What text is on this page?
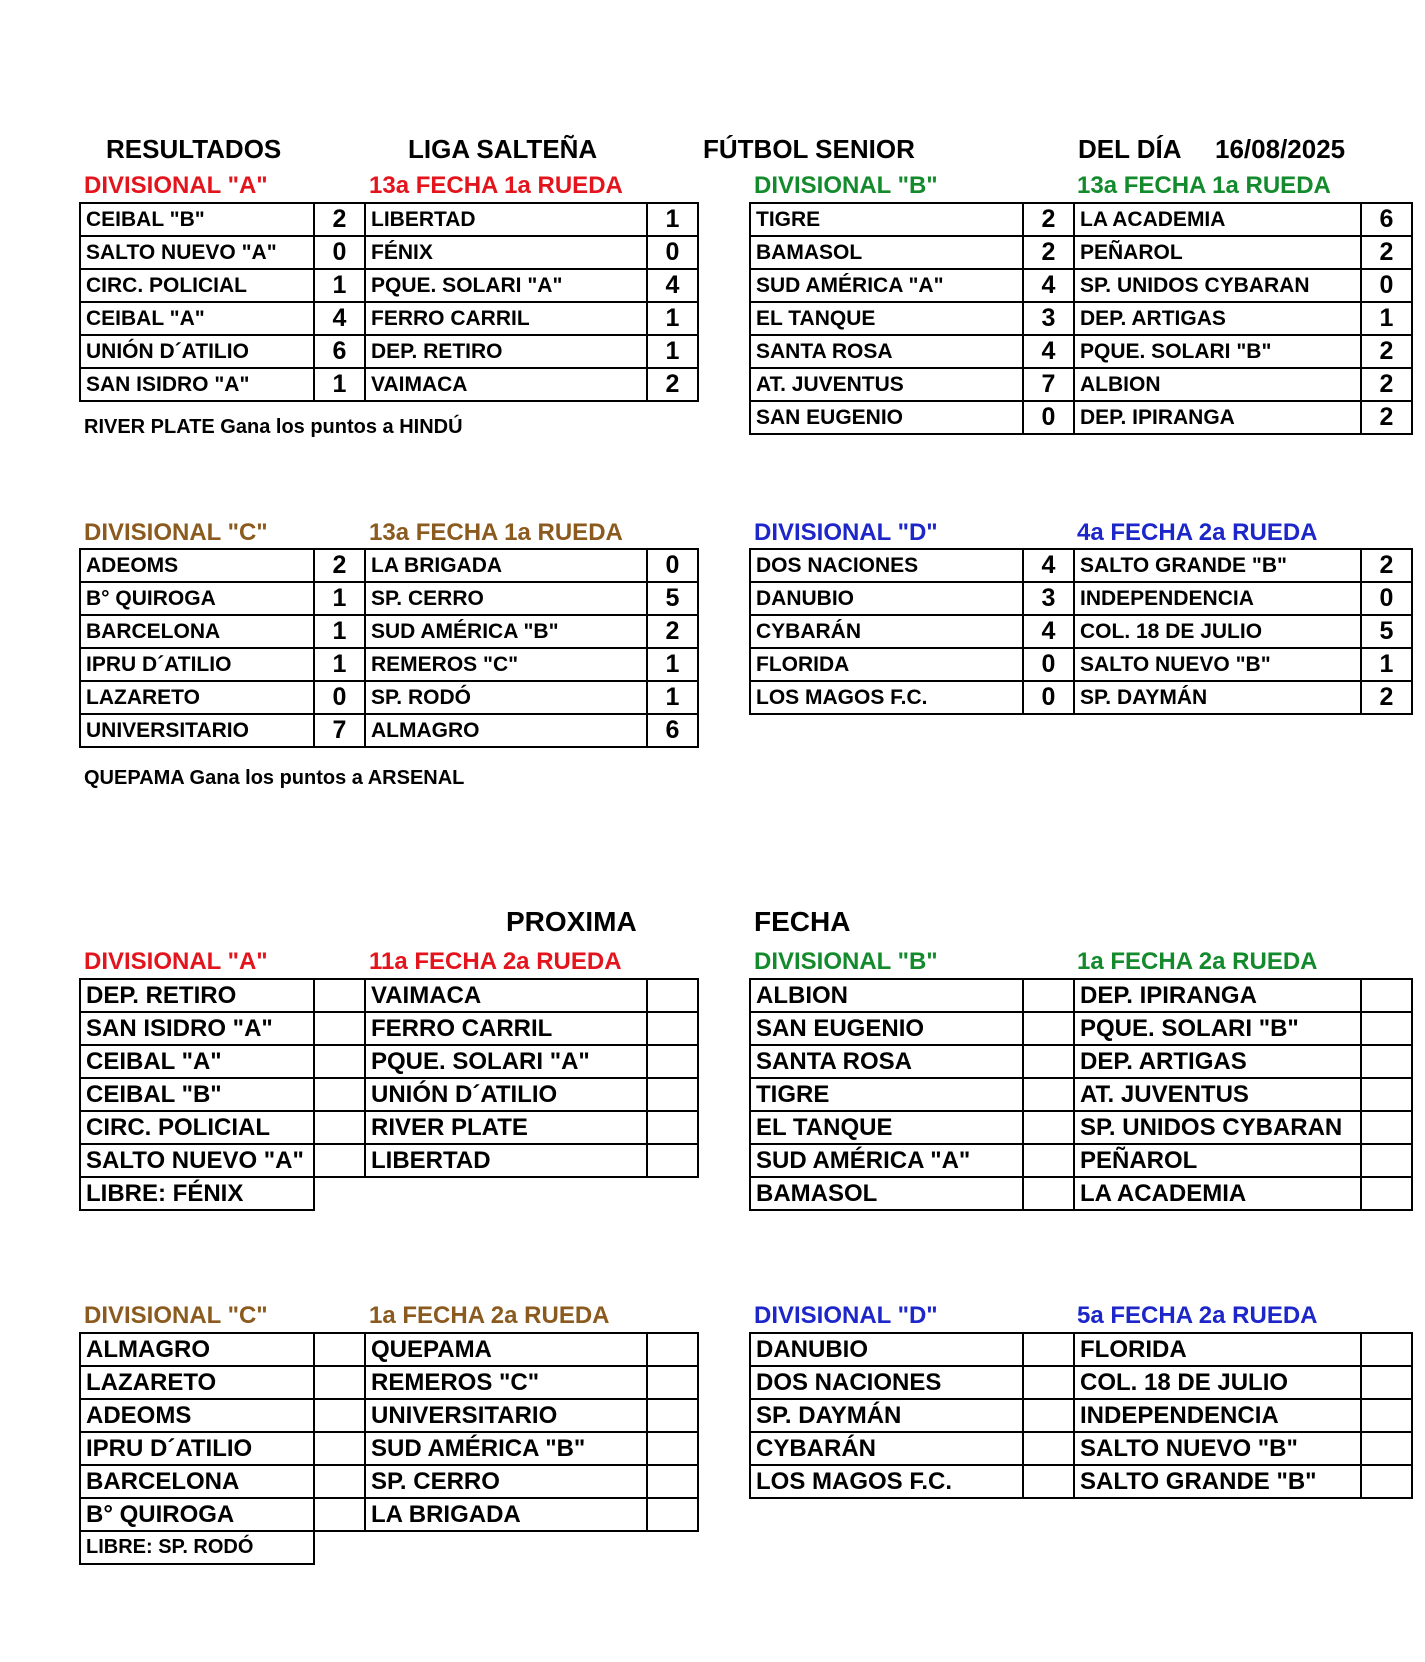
RESULTADOS	LIGA SALTEÑA	FÚTBOL SENIOR	DEL DÍA 16/08/2025
DIVISIONAL "A"	13a FECHA 1a RUEDA
CEIBAL "B"	2	LIBERTAD	1
SALTO NUEVO "A"	0	FÉNIX	0
CIRC. POLICIAL	1	PQUE. SOLARI "A"	4
CEIBAL "A"	4	FERRO CARRIL	1
UNIÓN D´ATILIO	6	DEP. RETIRO	1
SAN ISIDRO "A"	1	VAIMACA	2
RIVER PLATE Gana los puntos a HINDÚ
DIVISIONAL "B"	13a FECHA 1a RUEDA
TIGRE	2	LA ACADEMIA	6
BAMASOL	2	PEÑAROL	2
SUD AMÉRICA "A"	4	SP. UNIDOS CYBARAN	0
EL TANQUE	3	DEP. ARTIGAS	1
SANTA ROSA	4	PQUE. SOLARI "B"	2
AT. JUVENTUS	7	ALBION	2
SAN EUGENIO	0	DEP. IPIRANGA	2
DIVISIONAL "C"	13a FECHA 1a RUEDA
ADEOMS	2	LA BRIGADA	0
B° QUIROGA	1	SP. CERRO	5
BARCELONA	1	SUD AMÉRICA "B"	2
IPRU D´ATILIO	1	REMEROS "C"	1
LAZARETO	0	SP. RODÓ	1
UNIVERSITARIO	7	ALMAGRO	6
QUEPAMA Gana los puntos a ARSENAL
DIVISIONAL "D"	4a FECHA 2a RUEDA
DOS NACIONES	4	SALTO GRANDE "B"	2
DANUBIO	3	INDEPENDENCIA	0
CYBARÁN	4	COL. 18 DE JULIO	5
FLORIDA	0	SALTO NUEVO "B"	1
LOS MAGOS F.C.	0	SP. DAYMÁN	2
PROXIMA	FECHA
DIVISIONAL "A"	11a FECHA 2a RUEDA
DEP. RETIRO		VAIMACA	
SAN ISIDRO "A"		FERRO CARRIL	
CEIBAL "A"		PQUE. SOLARI "A"	
CEIBAL "B"		UNIÓN D´ATILIO	
CIRC. POLICIAL		RIVER PLATE	
SALTO NUEVO "A"		LIBERTAD	
LIBRE: FÉNIX			
DIVISIONAL "B"	1a FECHA 2a RUEDA
ALBION		DEP. IPIRANGA	
SAN EUGENIO		PQUE. SOLARI "B"	
SANTA ROSA		DEP. ARTIGAS	
TIGRE		AT. JUVENTUS	
EL TANQUE		SP. UNIDOS CYBARAN	
SUD AMÉRICA "A"		PEÑAROL	
BAMASOL		LA ACADEMIA	
DIVISIONAL "C"	1a FECHA 2a RUEDA
ALMAGRO		QUEPAMA	
LAZARETO		REMEROS "C"	
ADEOMS		UNIVERSITARIO	
IPRU D´ATILIO		SUD AMÉRICA "B"	
BARCELONA		SP. CERRO	
B° QUIROGA		LA BRIGADA	
LIBRE: SP. RODÓ			
DIVISIONAL "D"	5a FECHA 2a RUEDA
DANUBIO		FLORIDA	
DOS NACIONES		COL. 18 DE JULIO	
SP. DAYMÁN		INDEPENDENCIA	
CYBARÁN		SALTO NUEVO "B"	
LOS MAGOS F.C.		SALTO GRANDE "B"	
